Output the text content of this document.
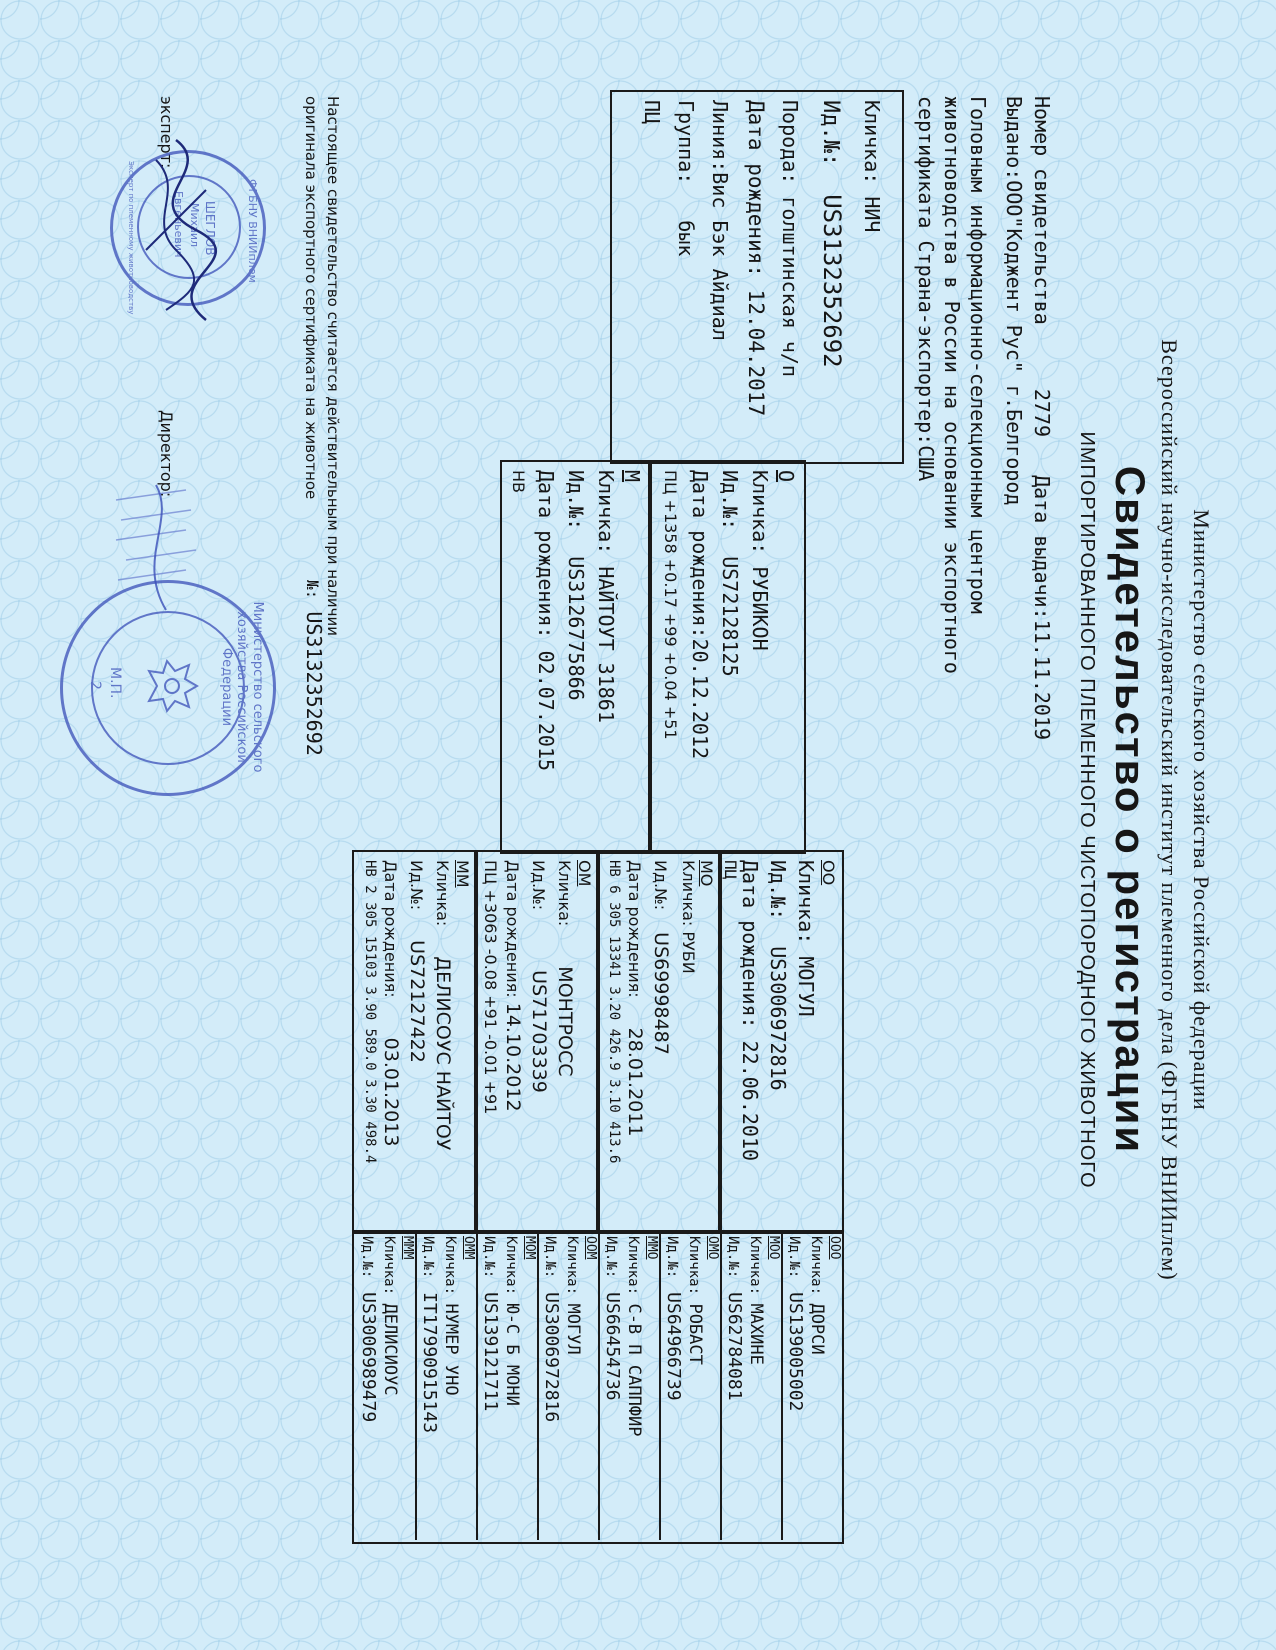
Министерство сельского хозяйства Российской федерации
Всероссийский научно-исследовательский институт племенного дела (ФГБНУ ВНИИплем)
Свидетельство о регистрации
ИМПОРТИРОВАННОГО ПЛЕМЕННОГО ЧИСТОПОРОДНОГО ЖИВОТНОГО
Номер свидетельства  2779  Дата выдачи:11.11.2019
Выдано:ООО"Коджент Рус" г.Белгород
Головным информационно-селекционным центром
животноводства в России на основании экспортного
сертификата Страна-экспортер:США
Кличка: НИЧ
Ид.№:US3132352692
Порода: голштинская ч/п
Дата рождения: 12.04.2017
Линия:Вис Бэк Айдиал
Группа:бык
ПЦ
О
Кличка: РУБИКОН
Ид.№:US72128125
Дата рождения:20.12.2012
ПЦ +1358 +0.17 +99 +0.04 +51
М
Кличка: НАЙТОУТ 31861
Ид.№:US3126775866
Дата рождения: 02.07.2015
НВ
ОО
Кличка: МОГУЛ
Ид.№:US3006972816
Дата рождения: 22.06.2010
ПЦ
МО
Кличка: РУБИ
Ид.№:US69998487
Дата рождения:28.01.2011
НВ 6 305 13341 3.20 426.9 3.10 413.6
ОМ
Кличка:МОНТРОСС
Ид.№:US71703339
Дата рождения: 14.10.2012
ПЦ +3063 -0.08 +91 -0.01 +91
ММ
Кличка:ДЕЛИСОУС НАЙТОУ
Ид.№:US72127422
Дата рождения:03.01.2013
НВ 2 305 15103 3.90 589.0 3.30 498.4
ООО
Кличка: ДОРСИ
Ид.№:US139005002
МОО
Кличка: МАХИНЕ
Ид.№:US62784081
ОМО
Кличка: РОБАСТ
Ид.№:US64966739
ММО
Кличка: С-В П САППФИР
Ид.№:US66454736
ООМ
Кличка: МОГУЛ
Ид.№:US3006972816
МОМ
Кличка: Ю-С Б МОНИ
Ид.№:US139121711
ОММ
Кличка: НУМЕР УНО
Ид.№:IT17990915143
МММ
Кличка: ДЕЛИСИОУС
Ид.№:US3006989479
Настоящее свидетельство считается действительным при наличии
оригинала экспортного сертификата на животное
№: US3132352692
эксперт:
Директор:
ФГБНУ ВНИИплем
Эксперт по племенному животноводству	ШЕГЛОВ
Михаил
Евгеньевич
Министерство сельского хозяйства Российской Федерации
М.П.
2
